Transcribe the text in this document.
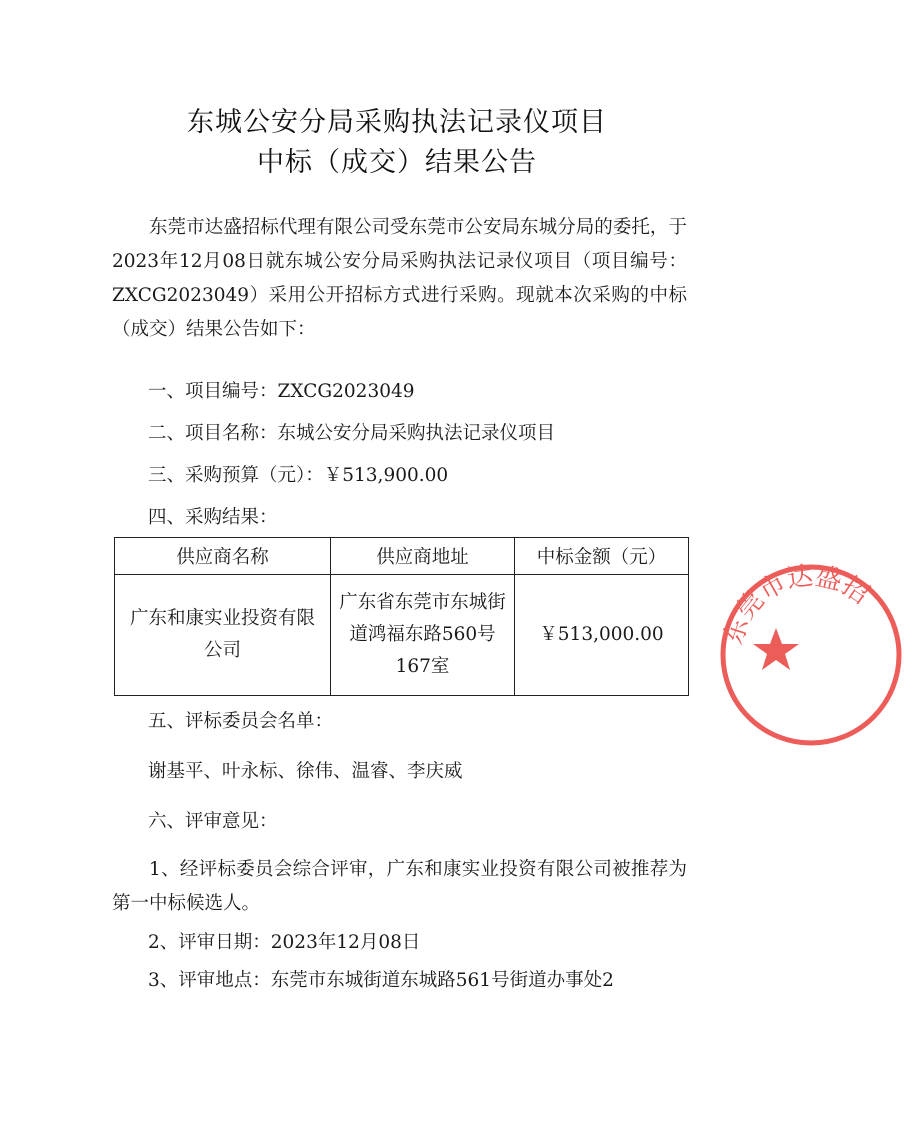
东城公安分局采购执法记录仪项目
中标（成交）结果公告

东莞市达盛招标代理有限公司受东莞市公安局东城分局的委托，于2023年12月08日就东城公安分局采购执法记录仪项目（项目编号：ZXCG2023049）采用公开招标方式进行采购。现就本次采购的中标（成交）结果公告如下：

一、项目编号：ZXCG2023049
二、项目名称：东城公安分局采购执法记录仪项目
三、采购预算（元）：￥513,900.00
四、采购结果：
供应商名称	供应商地址	中标金额（元）
广东和康实业投资有限公司	广东省东莞市东城街道鸿福东路560号167室	￥513,000.00
五、评标委员会名单：
谢基平、叶永标、徐伟、温睿、李庆威
六、评审意见：

1、经评标委员会综合评审，广东和康实业投资有限公司被推荐为第一中标候选人。

2、评审日期：2023年12月08日
3、评审地点：东莞市东城街道东城路561号街道办事处2
东莞市达盛招
